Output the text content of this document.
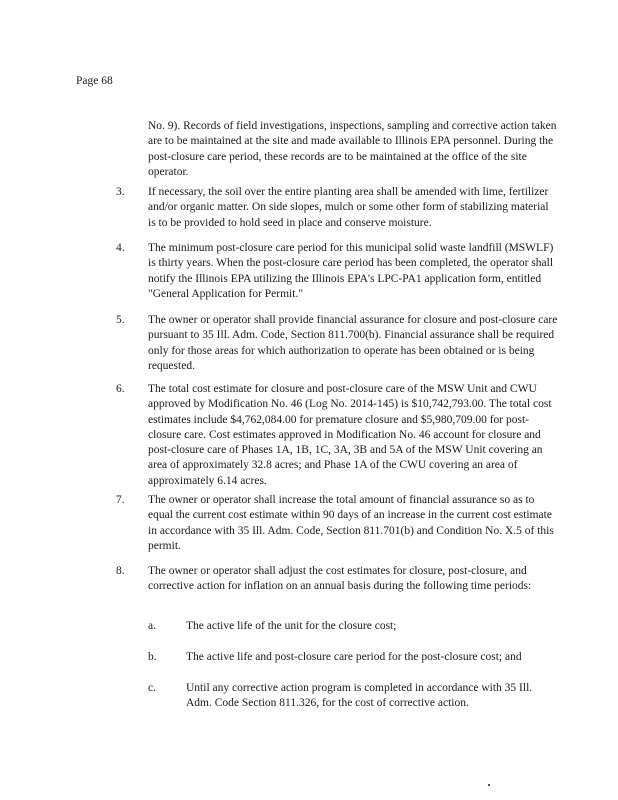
Page 68
No. 9). Records of field investigations, inspections, sampling and corrective action taken are to be maintained at the site and made available to Illinois EPA personnel. During the post-closure care period, these records are to be maintained at the office of the site operator.
3. If necessary, the soil over the entire planting area shall be amended with lime, fertilizer and/or organic matter. On side slopes, mulch or some other form of stabilizing material is to be provided to hold seed in place and conserve moisture.
4. The minimum post-closure care period for this municipal solid waste landfill (MSWLF) is thirty years. When the post-closure care period has been completed, the operator shall notify the Illinois EPA utilizing the Illinois EPA's LPC-PA1 application form, entitled "General Application for Permit."
5. The owner or operator shall provide financial assurance for closure and post-closure care pursuant to 35 Ill. Adm. Code, Section 811.700(b). Financial assurance shall be required only for those areas for which authorization to operate has been obtained or is being requested.
6. The total cost estimate for closure and post-closure care of the MSW Unit and CWU approved by Modification No. 46 (Log No. 2014-145) is $10,742,793.00. The total cost estimates include $4,762,084.00 for premature closure and $5,980,709.00 for post-closure care. Cost estimates approved in Modification No. 46 account for closure and post-closure care of Phases 1A, 1B, 1C, 3A, 3B and 5A of the MSW Unit covering an area of approximately 32.8 acres; and Phase 1A of the CWU covering an area of approximately 6.14 acres.
7. The owner or operator shall increase the total amount of financial assurance so as to equal the current cost estimate within 90 days of an increase in the current cost estimate in accordance with 35 Ill. Adm. Code, Section 811.701(b) and Condition No. X.5 of this permit.
8. The owner or operator shall adjust the cost estimates for closure, post-closure, and corrective action for inflation on an annual basis during the following time periods:
a.	The active life of the unit for the closure cost;
b.	The active life and post-closure care period for the post-closure cost; and
c.	Until any corrective action program is completed in accordance with 35 Ill. Adm. Code Section 811.326, for the cost of corrective action.
